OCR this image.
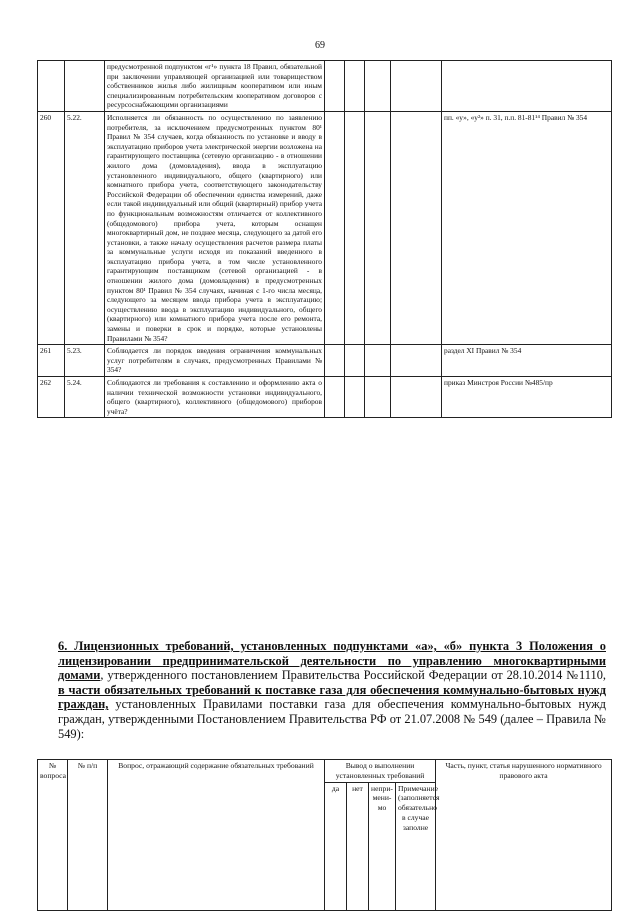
69
		предусмотренной подпунктом «г¹» пункта 18 Правил, обязательной при заключении управляющей организацией или товариществом собственников жилья либо жилищным кооперативом или иным специализированным потребительским кооперативом договоров с ресурсоснабжающими организациями					
260	5.22.	Исполняется ли обязанность по осуществлению по заявлению потребителя, за исключением предусмотренных пунктом 80¹ Правил № 354 случаев, когда обязанность по установке и вводу в эксплуатацию приборов учета электрической энергии возложена на гарантирующего поставщика (сетевую организацию - в отношении жилого дома (домовладения), ввода в эксплуатацию установленного индивидуального, общего (квартирного) или комнатного прибора учета, соответствующего законодательству Российской Федерации об обеспечении единства измерений, даже если такой индивидуальный или общий (квартирный) прибор учета по функциональным возможностям отличается от коллективного (общедомового) прибора учета, которым оснащен многоквартирный дом, не позднее месяца, следующего за датой его установки, а также началу осуществления расчетов размера платы за коммунальные услуги исходя из показаний введенного в эксплуатацию прибора учета, в том числе установленного гарантирующим поставщиком (сетевой организацией - в отношении жилого дома (домовладения) в предусмотренных пунктом 80¹ Правил № 354 случаях, начиная с 1-го числа месяца, следующего за месяцем ввода прибора учета в эксплуатацию; осуществлению ввода в эксплуатацию индивидуального, общего (квартирного) или комнатного прибора учета после его ремонта, замены и поверки в срок и порядке, которые установлены Правилами № 354?					пп. «у», «у²» п. 31, п.п. 81-81¹⁴ Правил № 354
261	5.23.	Соблюдается ли порядок введения ограничения коммунальных услуг потребителям в случаях, предусмотренных Правилами № 354?					раздел XI Правил № 354
262	5.24.	Соблюдаются ли требования к составлению и оформлению акта о наличии технической возможности установки индивидуального, общего (квартирного), коллективного (общедомового) приборов учёта?					приказ Минстроя России №485/пр
6. Лицензионных требований, установленных подпунктами «а», «б» пункта 3 Положения о лицензировании предпринимательской деятельности по управлению многоквартирными домами, утвержденного постановлением Правительства Российской Федерации от 28.10.2014 №1110, в части обязательных требований к поставке газа для обеспечения коммунально-бытовых нужд граждан, установленных Правилами поставки газа для обеспечения коммунально-бытовых нужд граждан, утвержденными Постановлением Правительства РФ от 21.07.2008 № 549 (далее – Правила № 549):
№ вопроса	№ п/п	Вопрос, отражающий содержание обязательных требований	Вывод о выполнении установленных требований				Часть, пункт, статья нарушенного нормативного правового акта
			да	нет	непри-мени-мо	Примечание (заполняется обязательно в случае заполне	
